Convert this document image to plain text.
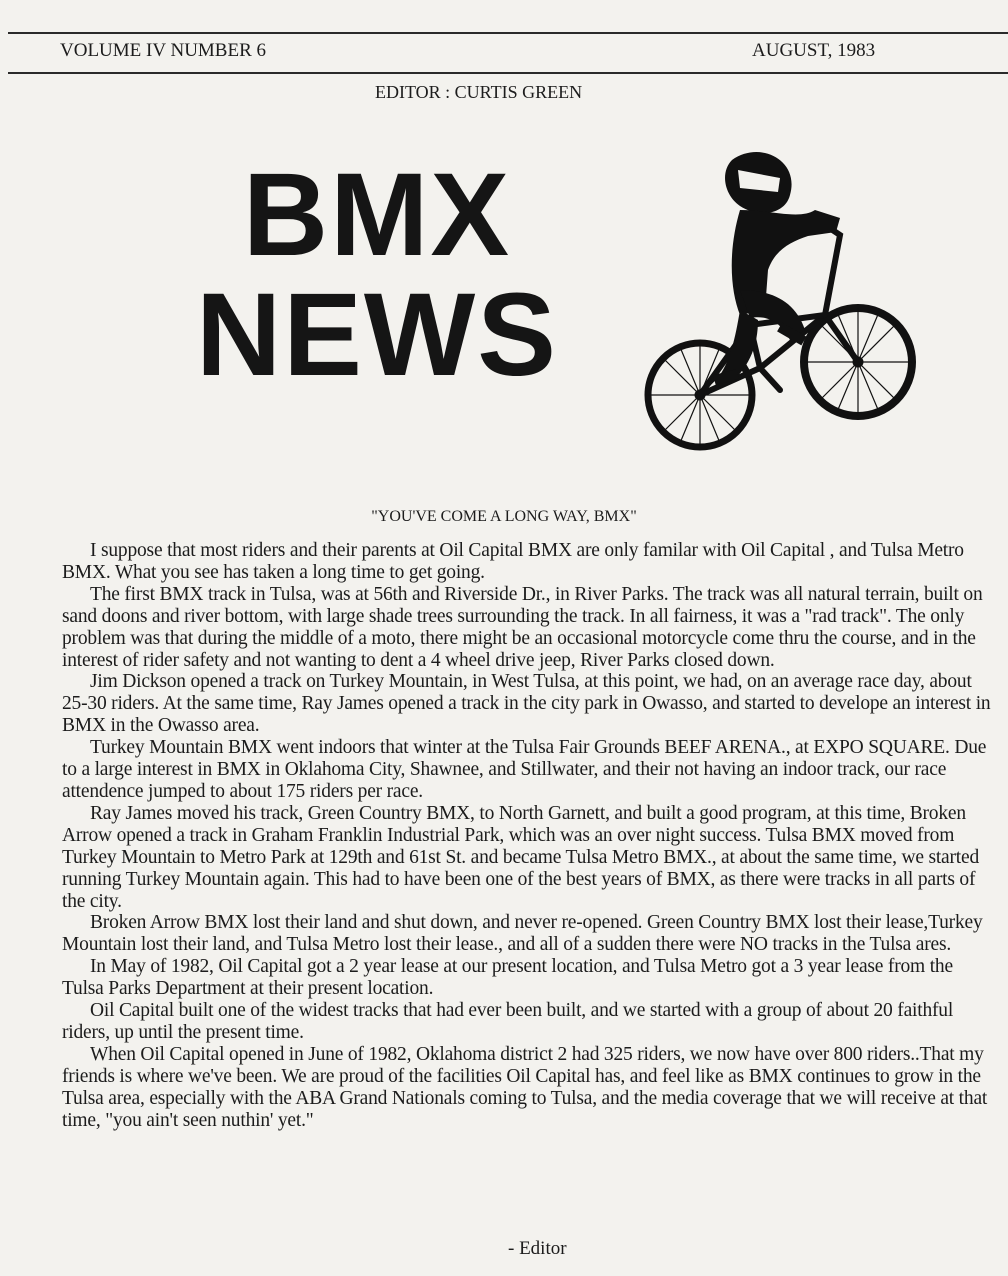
VOLUME IV NUMBER 6	AUGUST, 1983
EDITOR : CURTIS GREEN
BMX
NEWS
"YOU'VE COME A LONG WAY, BMX"

I suppose that most riders and their parents at Oil Capital BMX are only familar with Oil Capital , and Tulsa Metro BMX. What you see has taken a long time to get going.

The first BMX track in Tulsa, was at 56th and Riverside Dr., in River Parks. The track was all natural terrain, built on sand doons and river bottom, with large shade trees surrounding the track. In all fairness, it was a "rad track". The only problem was that during the middle of a moto, there might be an occasional motorcycle come thru the course, and in the interest of rider safety and not wanting to dent a 4 wheel drive jeep, River Parks closed down.

Jim Dickson opened a track on Turkey Mountain, in West Tulsa, at this point, we had, on an average race day, about 25-30 riders. At the same time, Ray James opened a track in the city park in Owasso, and started to develope an interest in BMX in the Owasso area.

Turkey Mountain BMX went indoors that winter at the Tulsa Fair Grounds BEEF ARENA., at EXPO SQUARE. Due to a large interest in BMX in Oklahoma City, Shawnee, and Stillwater, and their not having an indoor track, our race attendence jumped to about 175 riders per race.

Ray James moved his track, Green Country BMX, to North Garnett, and built a good program, at this time, Broken Arrow opened a track in Graham Franklin Industrial Park, which was an over night success. Tulsa BMX moved from Turkey Mountain to Metro Park at 129th and 61st St. and became Tulsa Metro BMX., at about the same time, we started running Turkey Mountain again. This had to have been one of the best years of BMX, as there were tracks in all parts of the city.

Broken Arrow BMX lost their land and shut down, and never re-opened. Green Country BMX lost their lease,Turkey Mountain lost their land, and Tulsa Metro lost their lease., and all of a sudden there were NO tracks in the Tulsa ares.

In May of 1982, Oil Capital got a 2 year lease at our present location, and Tulsa Metro got a 3 year lease from the Tulsa Parks Department at their present location.

Oil Capital built one of the widest tracks that had ever been built, and we started with a group of about 20 faithful riders, up until the present time.

When Oil Capital opened in June of 1982, Oklahoma district 2 had 325 riders, we now have over 800 riders..That my friends is where we've been. We are proud of the facilities Oil Capital has, and feel like as BMX continues to grow in the Tulsa area, especially with the ABA Grand Nationals coming to Tulsa, and the media coverage that we will receive at that time, "you ain't seen nuthin' yet."

- Editor
